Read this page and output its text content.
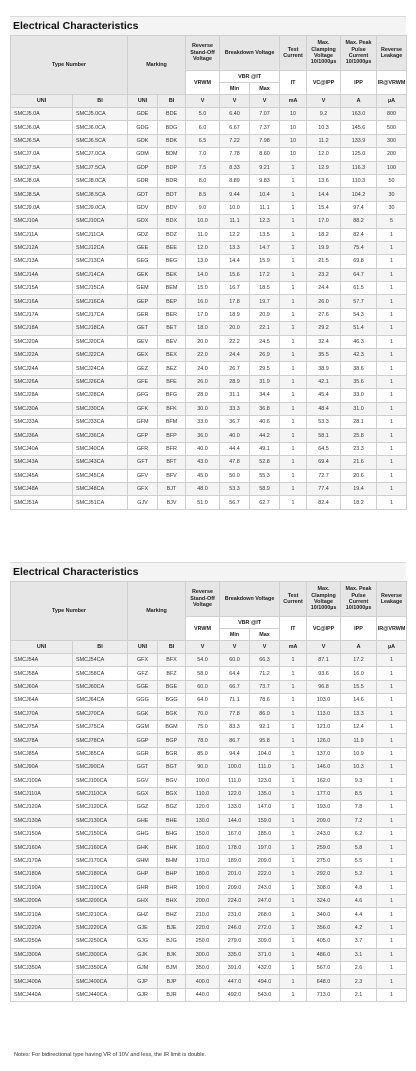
Electrical Characteristics
Type Number		Marking		Reverse Stand-Off Voltage	Breakdown Voltage		Test Current	Max. Clamping Voltage 10/1000µs	Max. Peak Pulse Current 10/1000µs	Reverse Leakage
				VRWM	VBR @IT		IT	VC@IPP	IPP	IR@VRWM
					Min	Max				
UNI	BI	UNI	BI	V	V	V	mA	V	A	µA
SMCJ5.0A	SMCJ5.0CA	GDE	BDE	5.0	6.40	7.07	10	9.2	163.0	800
SMCJ6.0A	SMCJ6.0CA	GDG	BDG	6.0	6.67	7.37	10	10.3	145.6	500
SMCJ6.5A	SMCJ6.5CA	GDK	BDK	6.5	7.22	7.98	10	11.2	133.9	300
SMCJ7.0A	SMCJ7.0CA	GDM	BDM	7.0	7.78	8.60	10	12.0	125.0	200
SMCJ7.5A	SMCJ7.5CA	GDP	BDP	7.5	8.33	9.21	1	12.9	116.3	100
SMCJ8.0A	SMCJ8.0CA	GDR	BDR	8.0	8.89	9.83	1	13.6	110.3	50
SMCJ8.5A	SMCJ8.5CA	GDT	BDT	8.5	9.44	10.4	1	14.4	104.2	30
SMCJ9.0A	SMCJ9.0CA	GDV	BDV	9.0	10.0	11.1	1	15.4	97.4	30
SMCJ10A	SMCJ10CA	GDX	BDX	10.0	11.1	12.3	1	17.0	88.2	5
SMCJ11A	SMCJ11CA	GDZ	BDZ	11.0	12.2	13.5	1	18.2	82.4	1
SMCJ12A	SMCJ12CA	GEE	BEE	12.0	13.3	14.7	1	19.9	75.4	1
SMCJ13A	SMCJ13CA	GEG	BEG	13.0	14.4	15.9	1	21.5	69.8	1
SMCJ14A	SMCJ14CA	GEK	BEK	14.0	15.6	17.2	1	23.2	64.7	1
SMCJ15A	SMCJ15CA	GEM	BEM	15.0	16.7	18.5	1	24.4	61.5	1
SMCJ16A	SMCJ16CA	GEP	BEP	16.0	17.8	19.7	1	26.0	57.7	1
SMCJ17A	SMCJ17CA	GER	BER	17.0	18.9	20.9	1	27.6	54.3	1
SMCJ18A	SMCJ18CA	GET	BET	18.0	20.0	22.1	1	29.2	51.4	1
SMCJ20A	SMCJ20CA	GEV	BEV	20.0	22.2	24.5	1	32.4	46.3	1
SMCJ22A	SMCJ22CA	GEX	BEX	22.0	24.4	26.9	1	35.5	42.3	1
SMCJ24A	SMCJ24CA	GEZ	BEZ	24.0	26.7	29.5	1	38.9	38.6	1
SMCJ26A	SMCJ26CA	GFE	BFE	26.0	28.9	31.9	1	42.1	35.6	1
SMCJ28A	SMCJ28CA	GFG	BFG	28.0	31.1	34.4	1	45.4	33.0	1
SMCJ30A	SMCJ30CA	GFK	BFK	30.0	33.3	36.8	1	48.4	31.0	1
SMCJ33A	SMCJ33CA	GFM	BFM	33.0	36.7	40.6	1	53.3	28.1	1
SMCJ36A	SMCJ36CA	GFP	BFP	36.0	40.0	44.2	1	58.1	25.8	1
SMCJ40A	SMCJ40CA	GFR	BFR	40.0	44.4	49.1	1	64.5	23.3	1
SMCJ43A	SMCJ43CA	GFT	BFT	43.0	47.8	52.8	1	69.4	21.6	1
SMCJ45A	SMCJ45CA	GFV	BFV	45.0	50.0	55.3	1	72.7	20.6	1
SMCJ48A	SMCJ48CA	GFX	BJT	48.0	53.3	58.9	1	77.4	19.4	1
SMCJ51A	SMCJ51CA	GJV	BJV	51.0	56.7	62.7	1	82.4	18.2	1
Electrical Characteristics
Type Number		Marking		Reverse Stand-Off Voltage	Breakdown Voltage		Test Current	Max. Clamping Voltage 10/1000µs	Max. Peak Pulse Current 10/1000µs	Reverse Leakage
				VRWM	VBR @IT		IT	VC@IPP	IPP	IR@VRWM
					Min	Max				
UNI	BI	UNI	BI	V	V	V	mA	V	A	µA
SMCJ54A	SMCJ54CA	GFX	BFX	54.0	60.0	66.3	1	87.1	17.2	1
SMCJ58A	SMCJ58CA	GFZ	BFZ	58.0	64.4	71.2	1	93.6	16.0	1
SMCJ60A	SMCJ60CA	GGE	BGE	60.0	66.7	73.7	1	96.8	15.5	1
SMCJ64A	SMCJ64CA	GGG	BGG	64.0	71.1	78.6	1	103.0	14.6	1
SMCJ70A	SMCJ70CA	GGK	BGK	70.0	77.8	86.0	1	113.0	13.3	1
SMCJ75A	SMCJ75CA	GGM	BGM	75.0	83.3	92.1	1	121.0	12.4	1
SMCJ78A	SMCJ78CA	GGP	BGP	78.0	86.7	95.8	1	126.0	11.9	1
SMCJ85A	SMCJ85CA	GGR	BGR	85.0	94.4	104.0	1	137.0	10.9	1
SMCJ90A	SMCJ90CA	GGT	BGT	90.0	100.0	111.0	1	146.0	10.3	1
SMCJ100A	SMCJ100CA	GGV	BGV	100.0	111.0	123.0	1	162.0	9.3	1
SMCJ110A	SMCJ110CA	GGX	BGX	110.0	122.0	135.0	1	177.0	8.5	1
SMCJ120A	SMCJ120CA	GGZ	BGZ	120.0	133.0	147.0	1	193.0	7.8	1
SMCJ130A	SMCJ130CA	GHE	BHE	130.0	144.0	159.0	1	209.0	7.2	1
SMCJ150A	SMCJ150CA	GHG	BHG	150.0	167.0	185.0	1	243.0	6.2	1
SMCJ160A	SMCJ160CA	GHK	BHK	160.0	178.0	197.0	1	259.0	5.8	1
SMCJ170A	SMCJ170CA	GHM	BHM	170.0	189.0	209.0	1	275.0	5.5	1
SMCJ180A	SMCJ180CA	GHP	BHP	180.0	201.0	222.0	1	292.0	5.2	1
SMCJ190A	SMCJ190CA	GHR	BHR	190.0	209.0	243.0	1	308.0	4.8	1
SMCJ200A	SMCJ200CA	GHX	BHX	200.0	224.0	247.0	1	324.0	4.6	1
SMCJ210A	SMCJ210CA	GHZ	BHZ	210.0	231.0	268.0	1	340.0	4.4	1
SMCJ220A	SMCJ220CA	GJE	BJE	220.0	246.0	272.0	1	356.0	4.2	1
SMCJ250A	SMCJ250CA	GJG	BJG	250.0	279.0	309.0	1	405.0	3.7	1
SMCJ300A	SMCJ300CA	GJK	BJK	300.0	335.0	371.0	1	486.0	3.1	1
SMCJ350A	SMCJ350CA	GJM	BJM	350.0	391.0	432.0	1	567.0	2.6	1
SMCJ400A	SMCJ400CA	GJP	BJP	400.0	447.0	494.0	1	648.0	2.3	1
SMCJ440A	SMCJ440CA	GJR	BJR	440.0	492.0	543.0	1	713.0	2.1	1
Notes: For bidirectional type having VR of 10V and less, the IR limit is double.
